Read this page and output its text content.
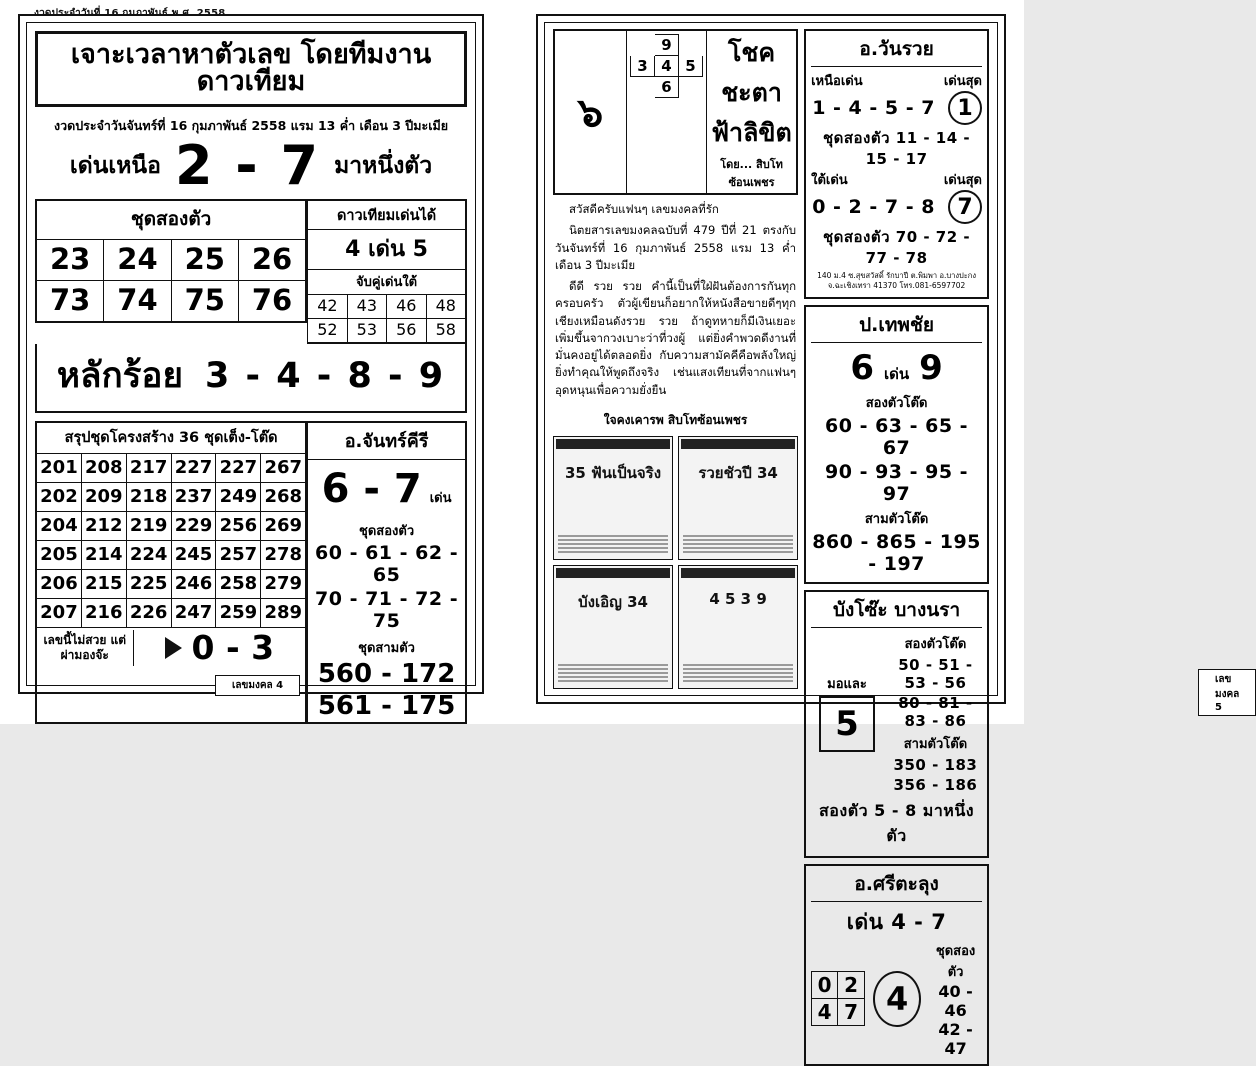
เจาะเวลาหาตัวเลข โดยทีมงานดาวเทียม
งวดประจำวันจันทร์ที่ 16 กุมภาพันธ์ 2558 แรม 13 ค่ำ เดือน 3 ปีมะเมีย
เด่นเหนือ 2 - 7 มาหนึ่งตัว
ชุดสองตัว
23 24 25 26
73 74 75 76
ดาวเทียมเด่นได้
4 เด่น 5
จับคู่เด่นใต้
42	43	46	48
52	53	56	58
หลักร้อย 3 - 4 - 8 - 9
สรุปชุดโครงสร้าง 36 ชุดเต็ง-โต๊ด
201 208 217 227 227 267
202 209 218 237 249 268
204 212 219 229 256 269
205 214 224 245 257 278
206 215 225 246 258 279
207 216 226 247 259 289
เลขนี้ไม่สวย แต่ผ่ามองจ๊ะ	0 - 3
อ.จันทร์คีรี
6 - 7 เด่น
ชุดสองตัว
60 - 61 - 62 - 65
70 - 71 - 72 - 75
ชุดสามตัว
560 - 172
561 - 175
เลขมงคล 4
๖
	9	
3	4	5
	6	
โชคชะตา
ฟ้าลิขิต
โดย... สิบโทซ้อนเพชร
สวัสดีครับแฟนๆ เลขมงคลที่รัก
นิตยสารเลขมงคลฉบับที่ 479 ปีที่ 21 ตรงกับวันจันทร์ที่ 16 กุมภาพันธ์ 2558 แรม 13 ค่ำ เดือน 3 ปีมะเมีย
ดีดี รวย รวย คำนี้เป็นที่ใฝ่ฝันต้องการกันทุกครอบครัว ตัวผู้เขียนก็อยากให้หนังสือขายดีๆทุกเชียงเหมือนดังรวย รวย ถ้าดูทหายก็มีเงินเยอะเพิ่มขึ้นจากวงเบาะว่าที่วงผู้ แต่ยิ่งคำพวดดีงานที่มั่นคงอยู่ได้ตลอดยิ่ง กับความสามัคคีคือพลังใหญ่ยิ่งทำคุณให้พูดถึงจริง เช่นแสงเทียนที่จากแฟนๆ อุดหนุนเพื่อความยั่งยืน
ใจคงเคารพ สิบโทซ้อนเพชร
35 ฟันเป็นจริง	รวยชัวปี 34
บังเอิญ 34	4 5 3 9
อ.วันรวย
เหนือเด่น	เด่นสุด
1 - 4 - 5 - 7	1
ชุดสองตัว 11 - 14 - 15 - 17
ใต้เด่น	เด่นสุด
0 - 2 - 7 - 8	7
ชุดสองตัว 70 - 72 - 77 - 78
140 ม.4 ซ.สุขสวัสดิ์ รักบาปี ต.พิมพา อ.บางปะกง จ.ฉะเชิงเทรา 41370 โทร.081-6597702
ป.เทพชัย
6 เด่น 9
สองตัวโต๊ด
60 - 63 - 65 - 67
90 - 93 - 95 - 97
สามตัวโต๊ด
860 - 865 - 195 - 197
บังโซ๊ะ บางนรา
มอและ
5
สองตัวโต๊ด
50 - 51 - 53 - 56
80 - 81 - 83 - 86
สามตัวโต๊ด
350 - 183
356 - 186
สองตัว 5 - 8 มาหนึ่งตัว
อ.ศรีตะลุง
เด่น 4 - 7
0 2
4 7 4
ชุดสองตัว
40 - 46
42 - 47
เลขมงคล 5
